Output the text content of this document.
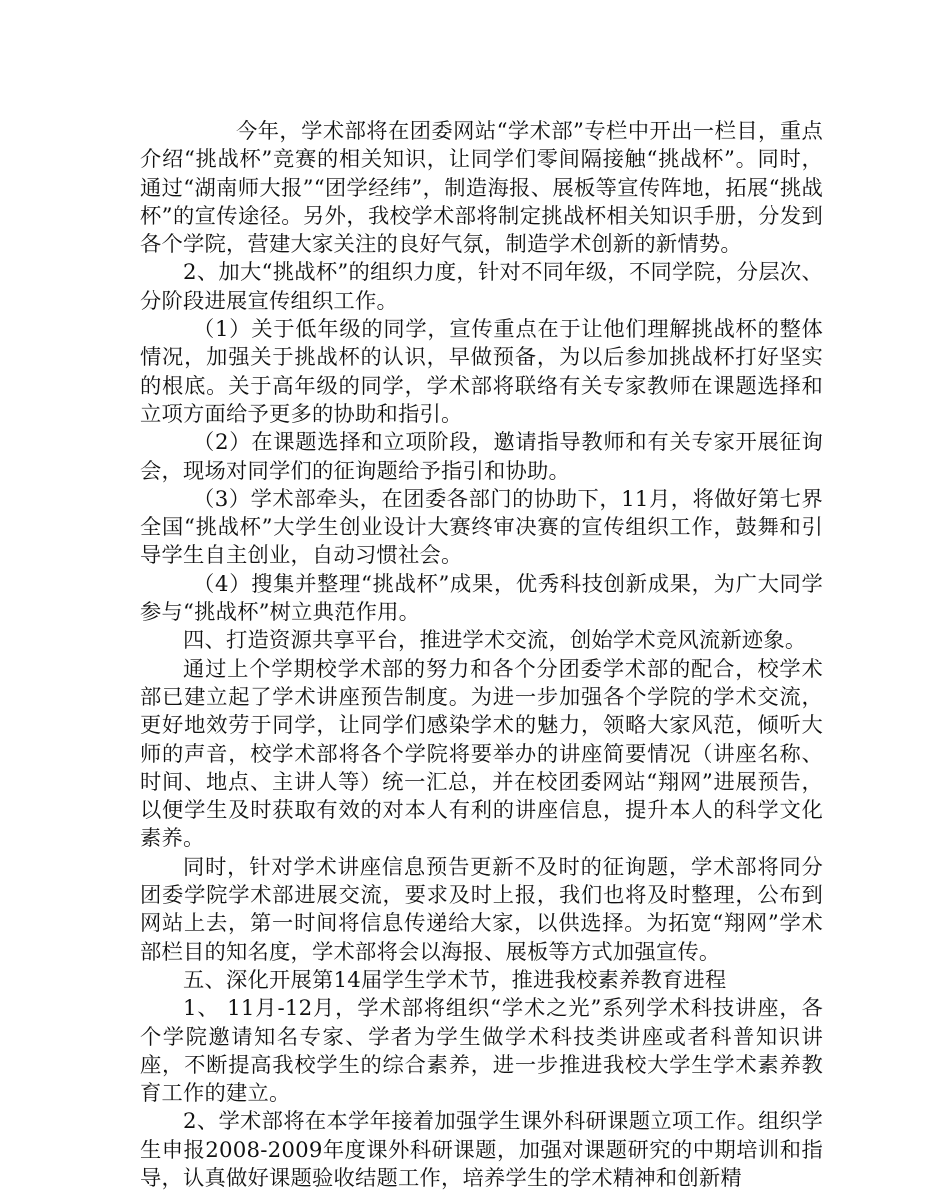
今年，学术部将在团委网站“学术部”专栏中开出一栏目，重点介绍“挑战杯”竞赛的相关知识，让同学们零间隔接触“挑战杯”。同时，通过“湖南师大报”“团学经纬”，制造海报、展板等宣传阵地，拓展“挑战杯”的宣传途径。另外，我校学术部将制定挑战杯相关知识手册，分发到各个学院，营建大家关注的良好气氛，制造学术创新的新情势。

2、加大“挑战杯”的组织力度，针对不同年级，不同学院，分层次、分阶段进展宣传组织工作。

（1）关于低年级的同学，宣传重点在于让他们理解挑战杯的整体情况，加强关于挑战杯的认识，早做预备，为以后参加挑战杯打好坚实的根底。关于高年级的同学，学术部将联络有关专家教师在课题选择和立项方面给予更多的协助和指引。

（2）在课题选择和立项阶段，邀请指导教师和有关专家开展征询会，现场对同学们的征询题给予指引和协助。

（3）学术部牵头，在团委各部门的协助下，11月，将做好第七界全国“挑战杯”大学生创业设计大赛终审决赛的宣传组织工作，鼓舞和引导学生自主创业，自动习惯社会。

（4）搜集并整理“挑战杯”成果，优秀科技创新成果，为广大同学参与“挑战杯”树立典范作用。

四、打造资源共享平台，推进学术交流，创始学术竞风流新迹象。

通过上个学期校学术部的努力和各个分团委学术部的配合，校学术部已建立起了学术讲座预告制度。为进一步加强各个学院的学术交流，更好地效劳于同学，让同学们感染学术的魅力，领略大家风范，倾听大师的声音，校学术部将各个学院将要举办的讲座简要情况（讲座名称、时间、地点、主讲人等）统一汇总，并在校团委网站“翔网”进展预告，以便学生及时获取有效的对本人有利的讲座信息，提升本人的科学文化素养。

同时，针对学术讲座信息预告更新不及时的征询题，学术部将同分团委学院学术部进展交流，要求及时上报，我们也将及时整理，公布到网站上去，第一时间将信息传递给大家，以供选择。为拓宽“翔网”学术部栏目的知名度，学术部将会以海报、展板等方式加强宣传。

五、深化开展第14届学生学术节，推进我校素养教育进程

1、 11月-12月，学术部将组织“学术之光”系列学术科技讲座，各个学院邀请知名专家、学者为学生做学术科技类讲座或者科普知识讲座，不断提高我校学生的综合素养，进一步推进我校大学生学术素养教育工作的建立。

2、学术部将在本学年接着加强学生课外科研课题立项工作。组织学生申报2008-2009年度课外科研课题，加强对课题研究的中期培训和指导，认真做好课题验收结题工作，培养学生的学术精神和创新精
